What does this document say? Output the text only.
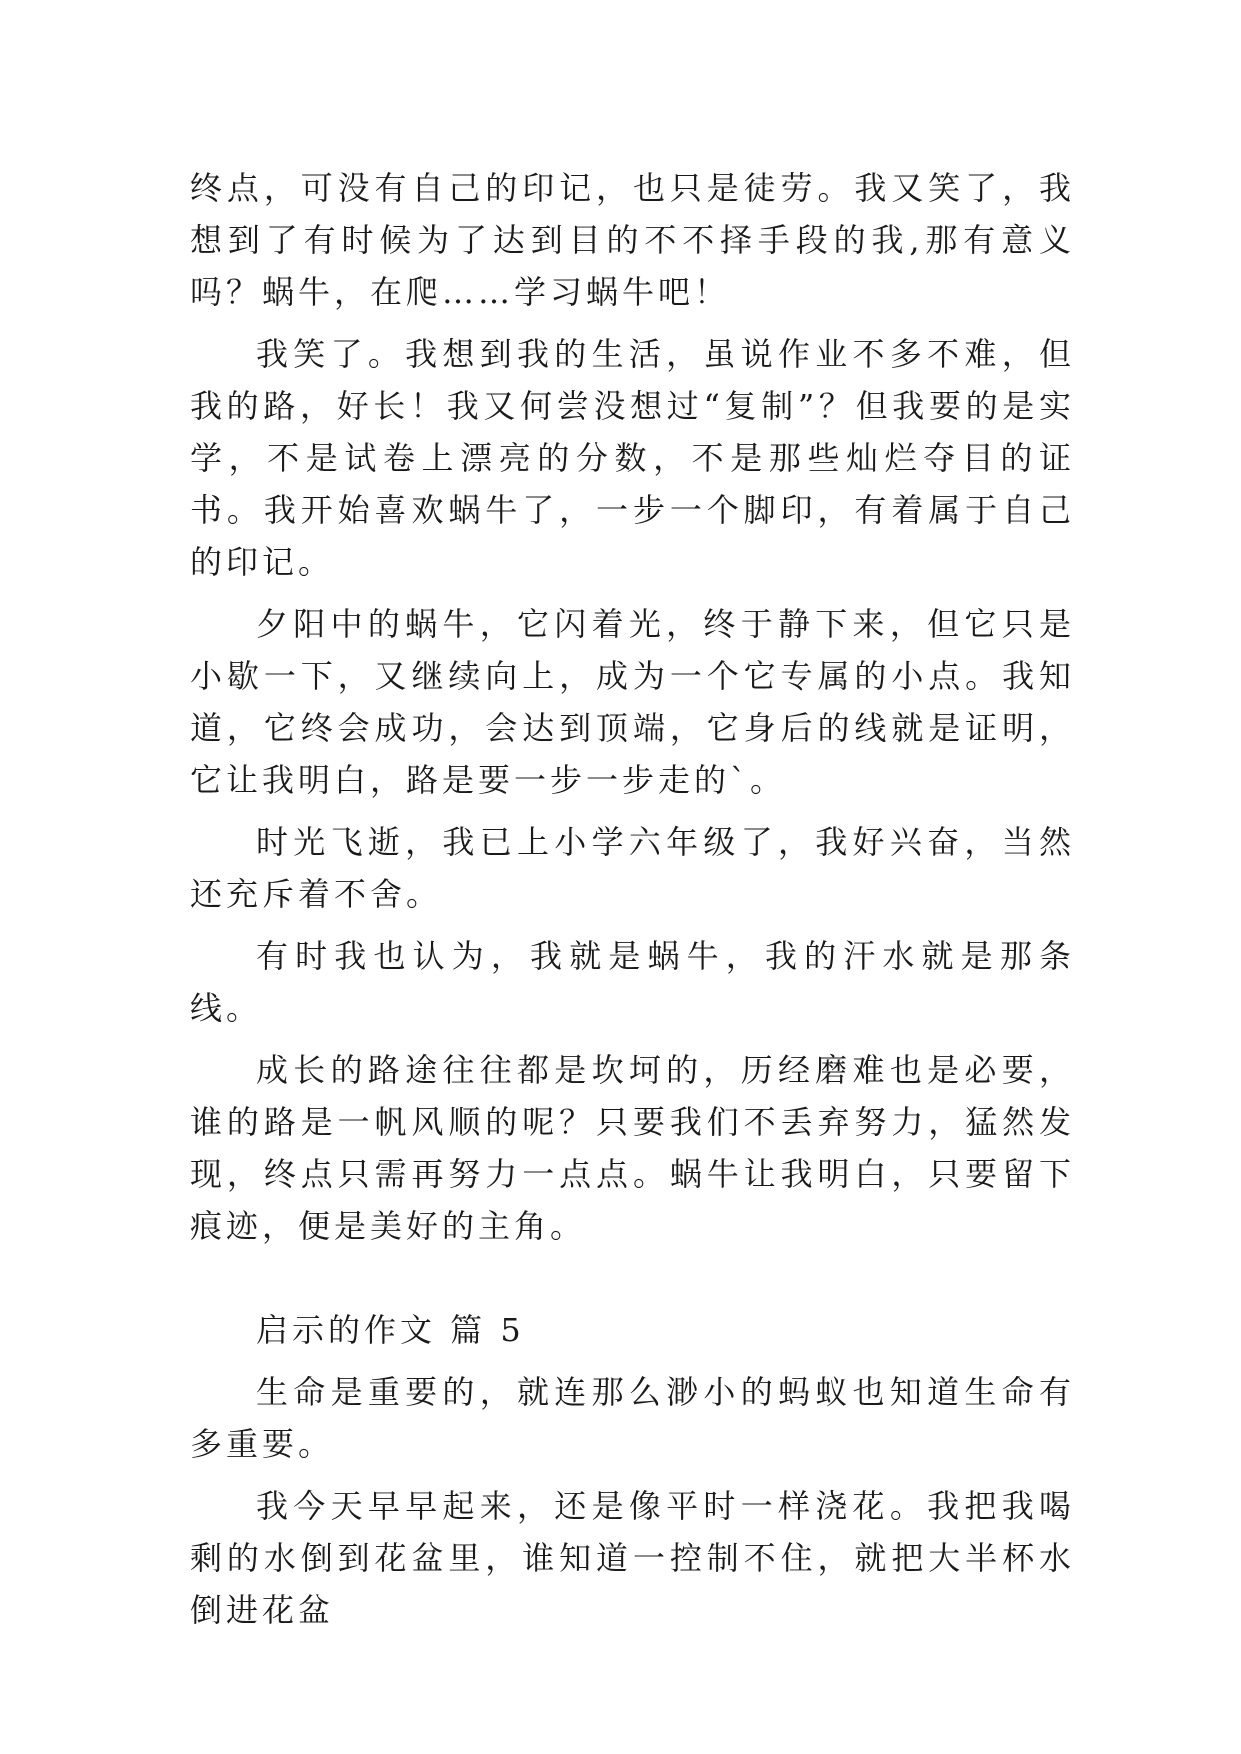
终点，可没有自己的印记，也只是徒劳。我又笑了，我想到了有时候为了达到目的不不择手段的我,那有意义吗？蜗牛，在爬……学习蜗牛吧！

我笑了。我想到我的生活，虽说作业不多不难，但我的路，好长！我又何尝没想过“复制”？但我要的是实学，不是试卷上漂亮的分数，不是那些灿烂夺目的证书。我开始喜欢蜗牛了，一步一个脚印，有着属于自己的印记。

夕阳中的蜗牛，它闪着光，终于静下来，但它只是小歇一下，又继续向上，成为一个它专属的小点。我知道，它终会成功，会达到顶端，它身后的线就是证明，它让我明白，路是要一步一步走的`。

时光飞逝，我已上小学六年级了，我好兴奋，当然还充斥着不舍。

有时我也认为，我就是蜗牛，我的汗水就是那条线。

成长的路途往往都是坎坷的，历经磨难也是必要，谁的路是一帆风顺的呢？只要我们不丢弃努力，猛然发现，终点只需再努力一点点。蜗牛让我明白，只要留下痕迹，便是美好的主角。

启示的作文 篇 5

生命是重要的，就连那么渺小的蚂蚁也知道生命有多重要。

我今天早早起来，还是像平时一样浇花。我把我喝剩的水倒到花盆里，谁知道一控制不住，就把大半杯水倒进花盆
